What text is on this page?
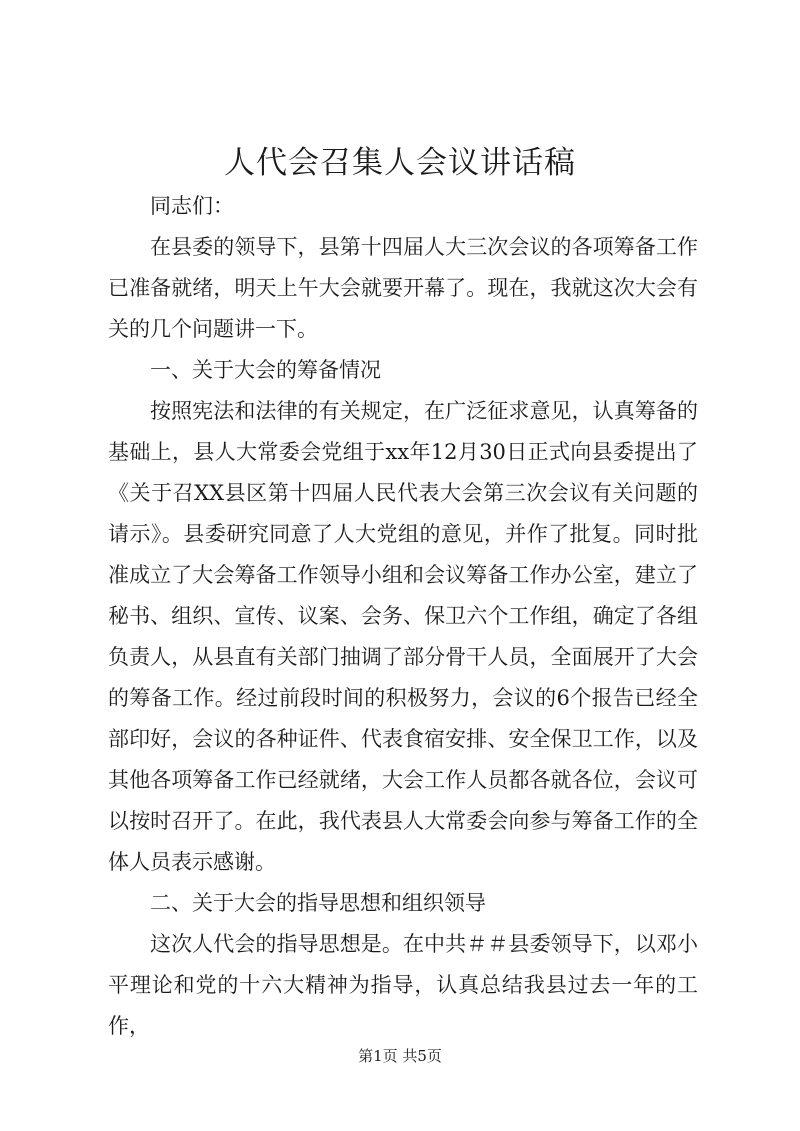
人代会召集人会议讲话稿

同志们：

在县委的领导下，县第十四届人大三次会议的各项筹备工作已准备就绪，明天上午大会就要开幕了。现在，我就这次大会有关的几个问题讲一下。

一、关于大会的筹备情况

按照宪法和法律的有关规定，在广泛征求意见，认真筹备的基础上，县人大常委会党组于xx年12月30日正式向县委提出了《关于召XX县区第十四届人民代表大会第三次会议有关问题的请示》。县委研究同意了人大党组的意见，并作了批复。同时批准成立了大会筹备工作领导小组和会议筹备工作办公室，建立了秘书、组织、宣传、议案、会务、保卫六个工作组，确定了各组负责人，从县直有关部门抽调了部分骨干人员，全面展开了大会的筹备工作。经过前段时间的积极努力，会议的6个报告已经全部印好，会议的各种证件、代表食宿安排、安全保卫工作，以及其他各项筹备工作已经就绪，大会工作人员都各就各位，会议可以按时召开了。在此，我代表县人大常委会向参与筹备工作的全体人员表示感谢。

二、关于大会的指导思想和组织领导

这次人代会的指导思想是。在中共＃＃县委领导下，以邓小平理论和党的十六大精神为指导，认真总结我县过去一年的工作，

第1页 共5页
